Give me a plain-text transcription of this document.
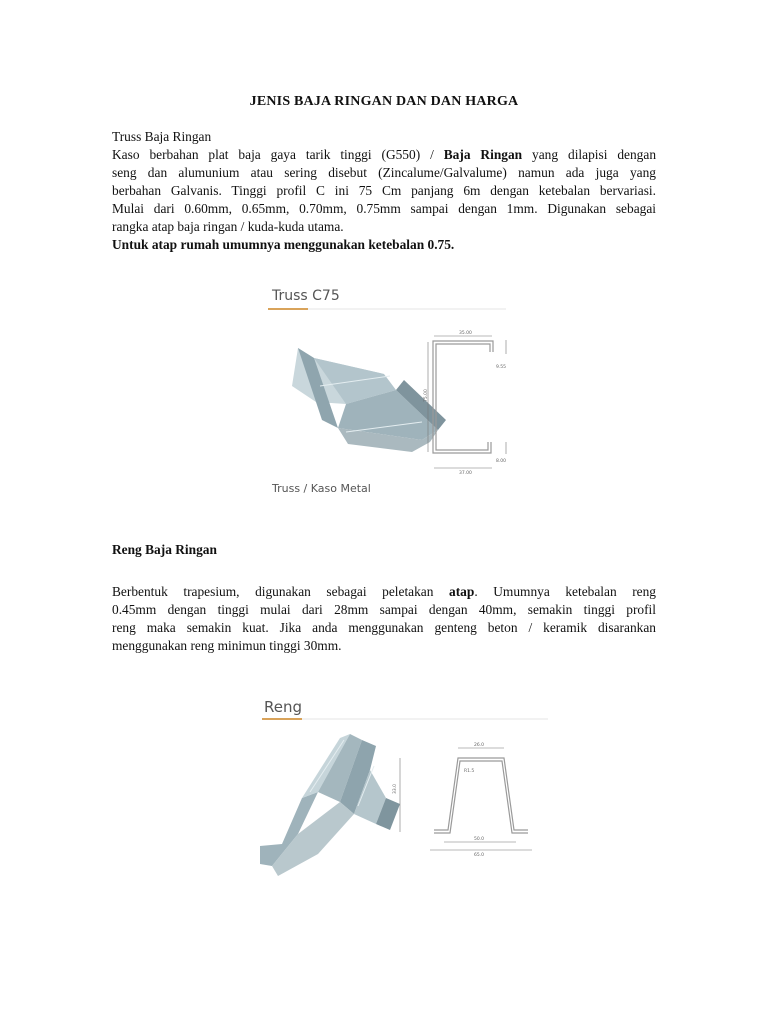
JENIS BAJA RINGAN DAN DAN HARGA
Truss Baja Ringan
Kaso berbahan plat baja gaya tarik tinggi (G550) / Baja Ringan yang dilapisi dengan
seng dan alumunium atau sering disebut (Zincalume/Galvalume) namun ada juga yang
berbahan Galvanis. Tinggi profil C ini 75 Cm panjang 6m dengan ketebalan bervariasi.
Mulai dari 0.60mm, 0.65mm, 0.70mm, 0.75mm sampai dengan 1mm. Digunakan sebagai
rangka atap baja ringan / kuda-kuda utama.
Untuk atap rumah umumnya menggunakan ketebalan 0.75.
Truss C75
35.00
75.00
37.00
9.55
8.00
Truss / Kaso Metal
Reng Baja Ringan
Berbentuk trapesium, digunakan sebagai peletakan atap. Umumnya ketebalan reng
0.45mm dengan tinggi mulai dari 28mm sampai dengan 40mm, semakin tinggi profil
reng maka semakin kuat. Jika anda menggunakan genteng beton / keramik disarankan
menggunakan reng minimun tinggi 30mm.
Reng
26.0
33.0
R1.5
50.0
65.0
